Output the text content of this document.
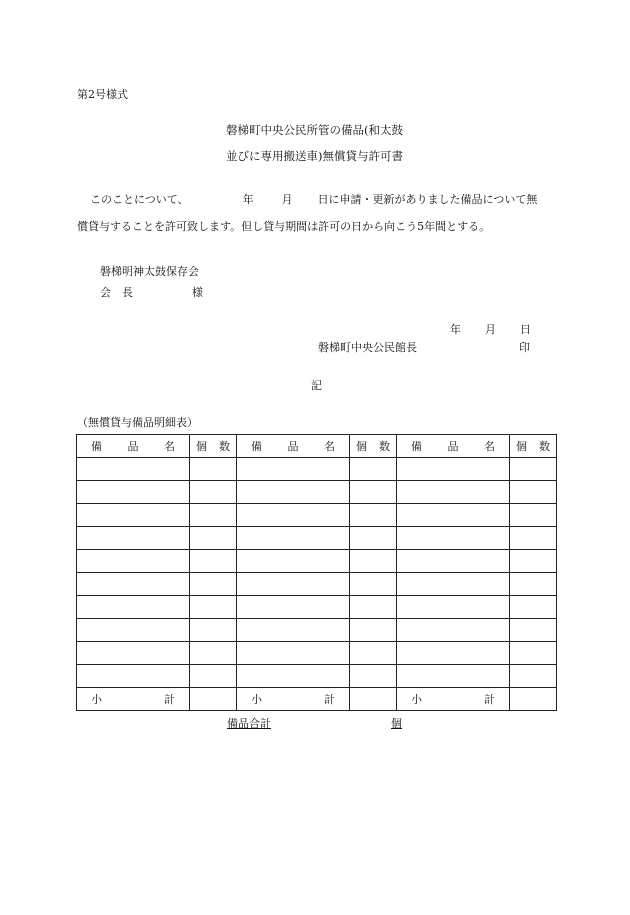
第2号様式
磐梯町中央公民所管の備品(和太鼓
並びに専用搬送車)無償貸与許可書
このことについて、	年	月 日に申請・更新がありました備品について無
償貸与することを許可致します。但し貸与期間は許可の日から向こう5年間とする。
磐梯明神太鼓保存会
会　長	様
年 月 日
磐梯町中央公民館長	印
記
（無償貸与備品明細表）
備 品 名	個 数	備 品 名	個 数	備 品 名	個 数

小 計		小 計		小 計	

備品合計	個
